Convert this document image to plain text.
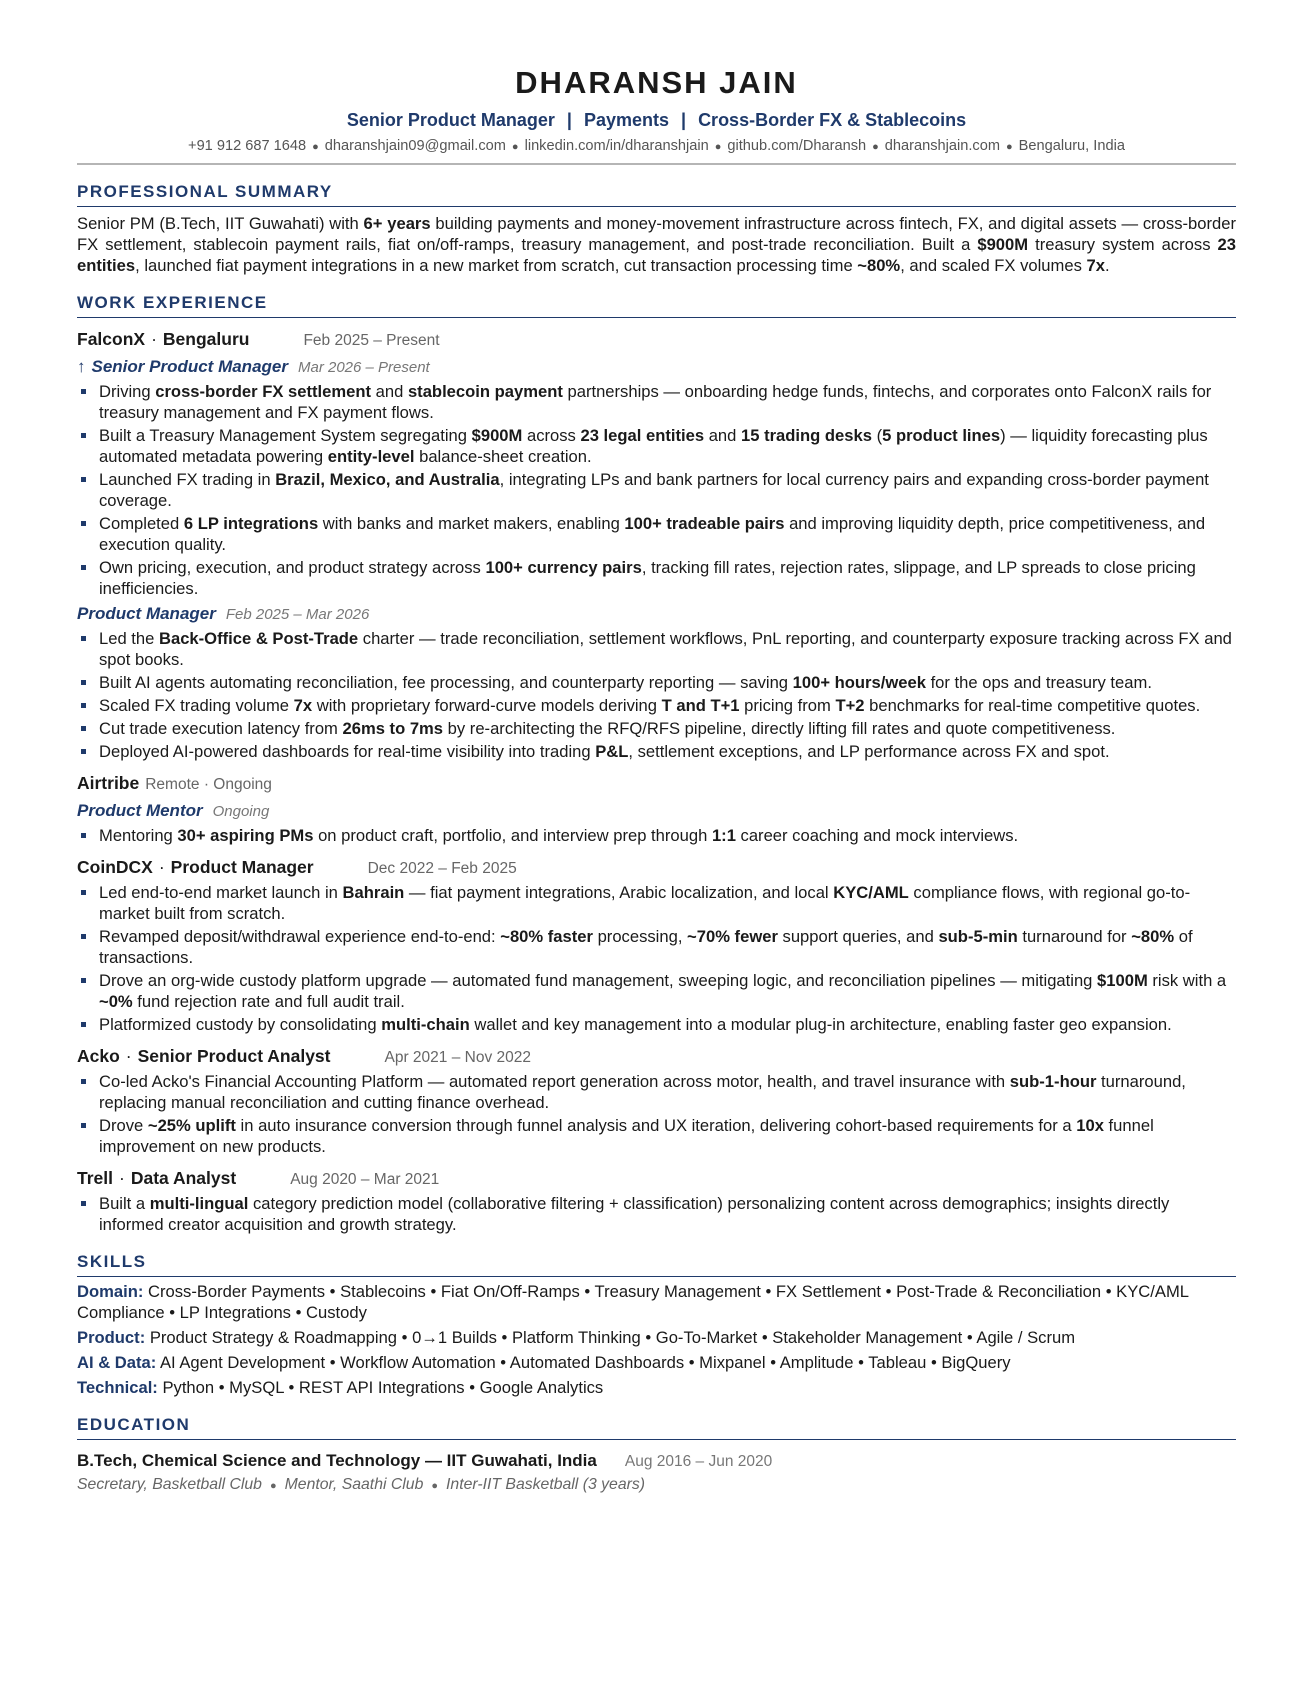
DHARANSH JAIN
Senior Product Manager | Payments | Cross-Border FX & Stablecoins
+91 912 687 1648 ● dharanshjain09@gmail.com ● linkedin.com/in/dharanshjain ● github.com/Dharansh ● dharanshjain.com ● Bengaluru, India
PROFESSIONAL SUMMARY
Senior PM (B.Tech, IIT Guwahati) with 6+ years building payments and money-movement infrastructure across fintech, FX, and digital assets — cross-border FX settlement, stablecoin payment rails, fiat on/off-ramps, treasury management, and post-trade reconciliation. Built a $900M treasury system across 23 entities, launched fiat payment integrations in a new market from scratch, cut transaction processing time ~80%, and scaled FX volumes 7x.
WORK EXPERIENCE
FalconX · Bengaluru	Feb 2025 – Present
↑ Senior Product Manager Mar 2026 – Present
Driving cross-border FX settlement and stablecoin payment partnerships — onboarding hedge funds, fintechs, and corporates onto FalconX rails for treasury management and FX payment flows.
Built a Treasury Management System segregating $900M across 23 legal entities and 15 trading desks (5 product lines) — liquidity forecasting plus automated metadata powering entity-level balance-sheet creation.
Launched FX trading in Brazil, Mexico, and Australia, integrating LPs and bank partners for local currency pairs and expanding cross-border payment coverage.
Completed 6 LP integrations with banks and market makers, enabling 100+ tradeable pairs and improving liquidity depth, price competitiveness, and execution quality.
Own pricing, execution, and product strategy across 100+ currency pairs, tracking fill rates, rejection rates, slippage, and LP spreads to close pricing inefficiencies.
Product Manager Feb 2025 – Mar 2026
Led the Back-Office & Post-Trade charter — trade reconciliation, settlement workflows, PnL reporting, and counterparty exposure tracking across FX and spot books.
Built AI agents automating reconciliation, fee processing, and counterparty reporting — saving 100+ hours/week for the ops and treasury team.
Scaled FX trading volume 7x with proprietary forward-curve models deriving T and T+1 pricing from T+2 benchmarks for real-time competitive quotes.
Cut trade execution latency from 26ms to 7ms by re-architecting the RFQ/RFS pipeline, directly lifting fill rates and quote competitiveness.
Deployed AI-powered dashboards for real-time visibility into trading P&L, settlement exceptions, and LP performance across FX and spot.
Airtribe Remote · Ongoing
Product Mentor Ongoing
Mentoring 30+ aspiring PMs on product craft, portfolio, and interview prep through 1:1 career coaching and mock interviews.
CoinDCX · Product Manager	Dec 2022 – Feb 2025
Led end-to-end market launch in Bahrain — fiat payment integrations, Arabic localization, and local KYC/AML compliance flows, with regional go-to-market built from scratch.
Revamped deposit/withdrawal experience end-to-end: ~80% faster processing, ~70% fewer support queries, and sub-5-min turnaround for ~80% of transactions.
Drove an org-wide custody platform upgrade — automated fund management, sweeping logic, and reconciliation pipelines — mitigating $100M risk with a ~0% fund rejection rate and full audit trail.
Platformized custody by consolidating multi-chain wallet and key management into a modular plug-in architecture, enabling faster geo expansion.
Acko · Senior Product Analyst	Apr 2021 – Nov 2022
Co-led Acko's Financial Accounting Platform — automated report generation across motor, health, and travel insurance with sub-1-hour turnaround, replacing manual reconciliation and cutting finance overhead.
Drove ~25% uplift in auto insurance conversion through funnel analysis and UX iteration, delivering cohort-based requirements for a 10x funnel improvement on new products.
Trell · Data Analyst	Aug 2020 – Mar 2021
Built a multi-lingual category prediction model (collaborative filtering + classification) personalizing content across demographics; insights directly informed creator acquisition and growth strategy.
SKILLS
Domain: Cross-Border Payments • Stablecoins • Fiat On/Off-Ramps • Treasury Management • FX Settlement • Post-Trade & Reconciliation • KYC/AML Compliance • LP Integrations • Custody
Product: Product Strategy & Roadmapping • 0→1 Builds • Platform Thinking • Go-To-Market • Stakeholder Management • Agile / Scrum
AI & Data: AI Agent Development • Workflow Automation • Automated Dashboards • Mixpanel • Amplitude • Tableau • BigQuery
Technical: Python • MySQL • REST API Integrations • Google Analytics
EDUCATION
B.Tech, Chemical Science and Technology — IIT Guwahati, India Aug 2016 – Jun 2020
Secretary, Basketball Club ● Mentor, Saathi Club ● Inter-IIT Basketball (3 years)
